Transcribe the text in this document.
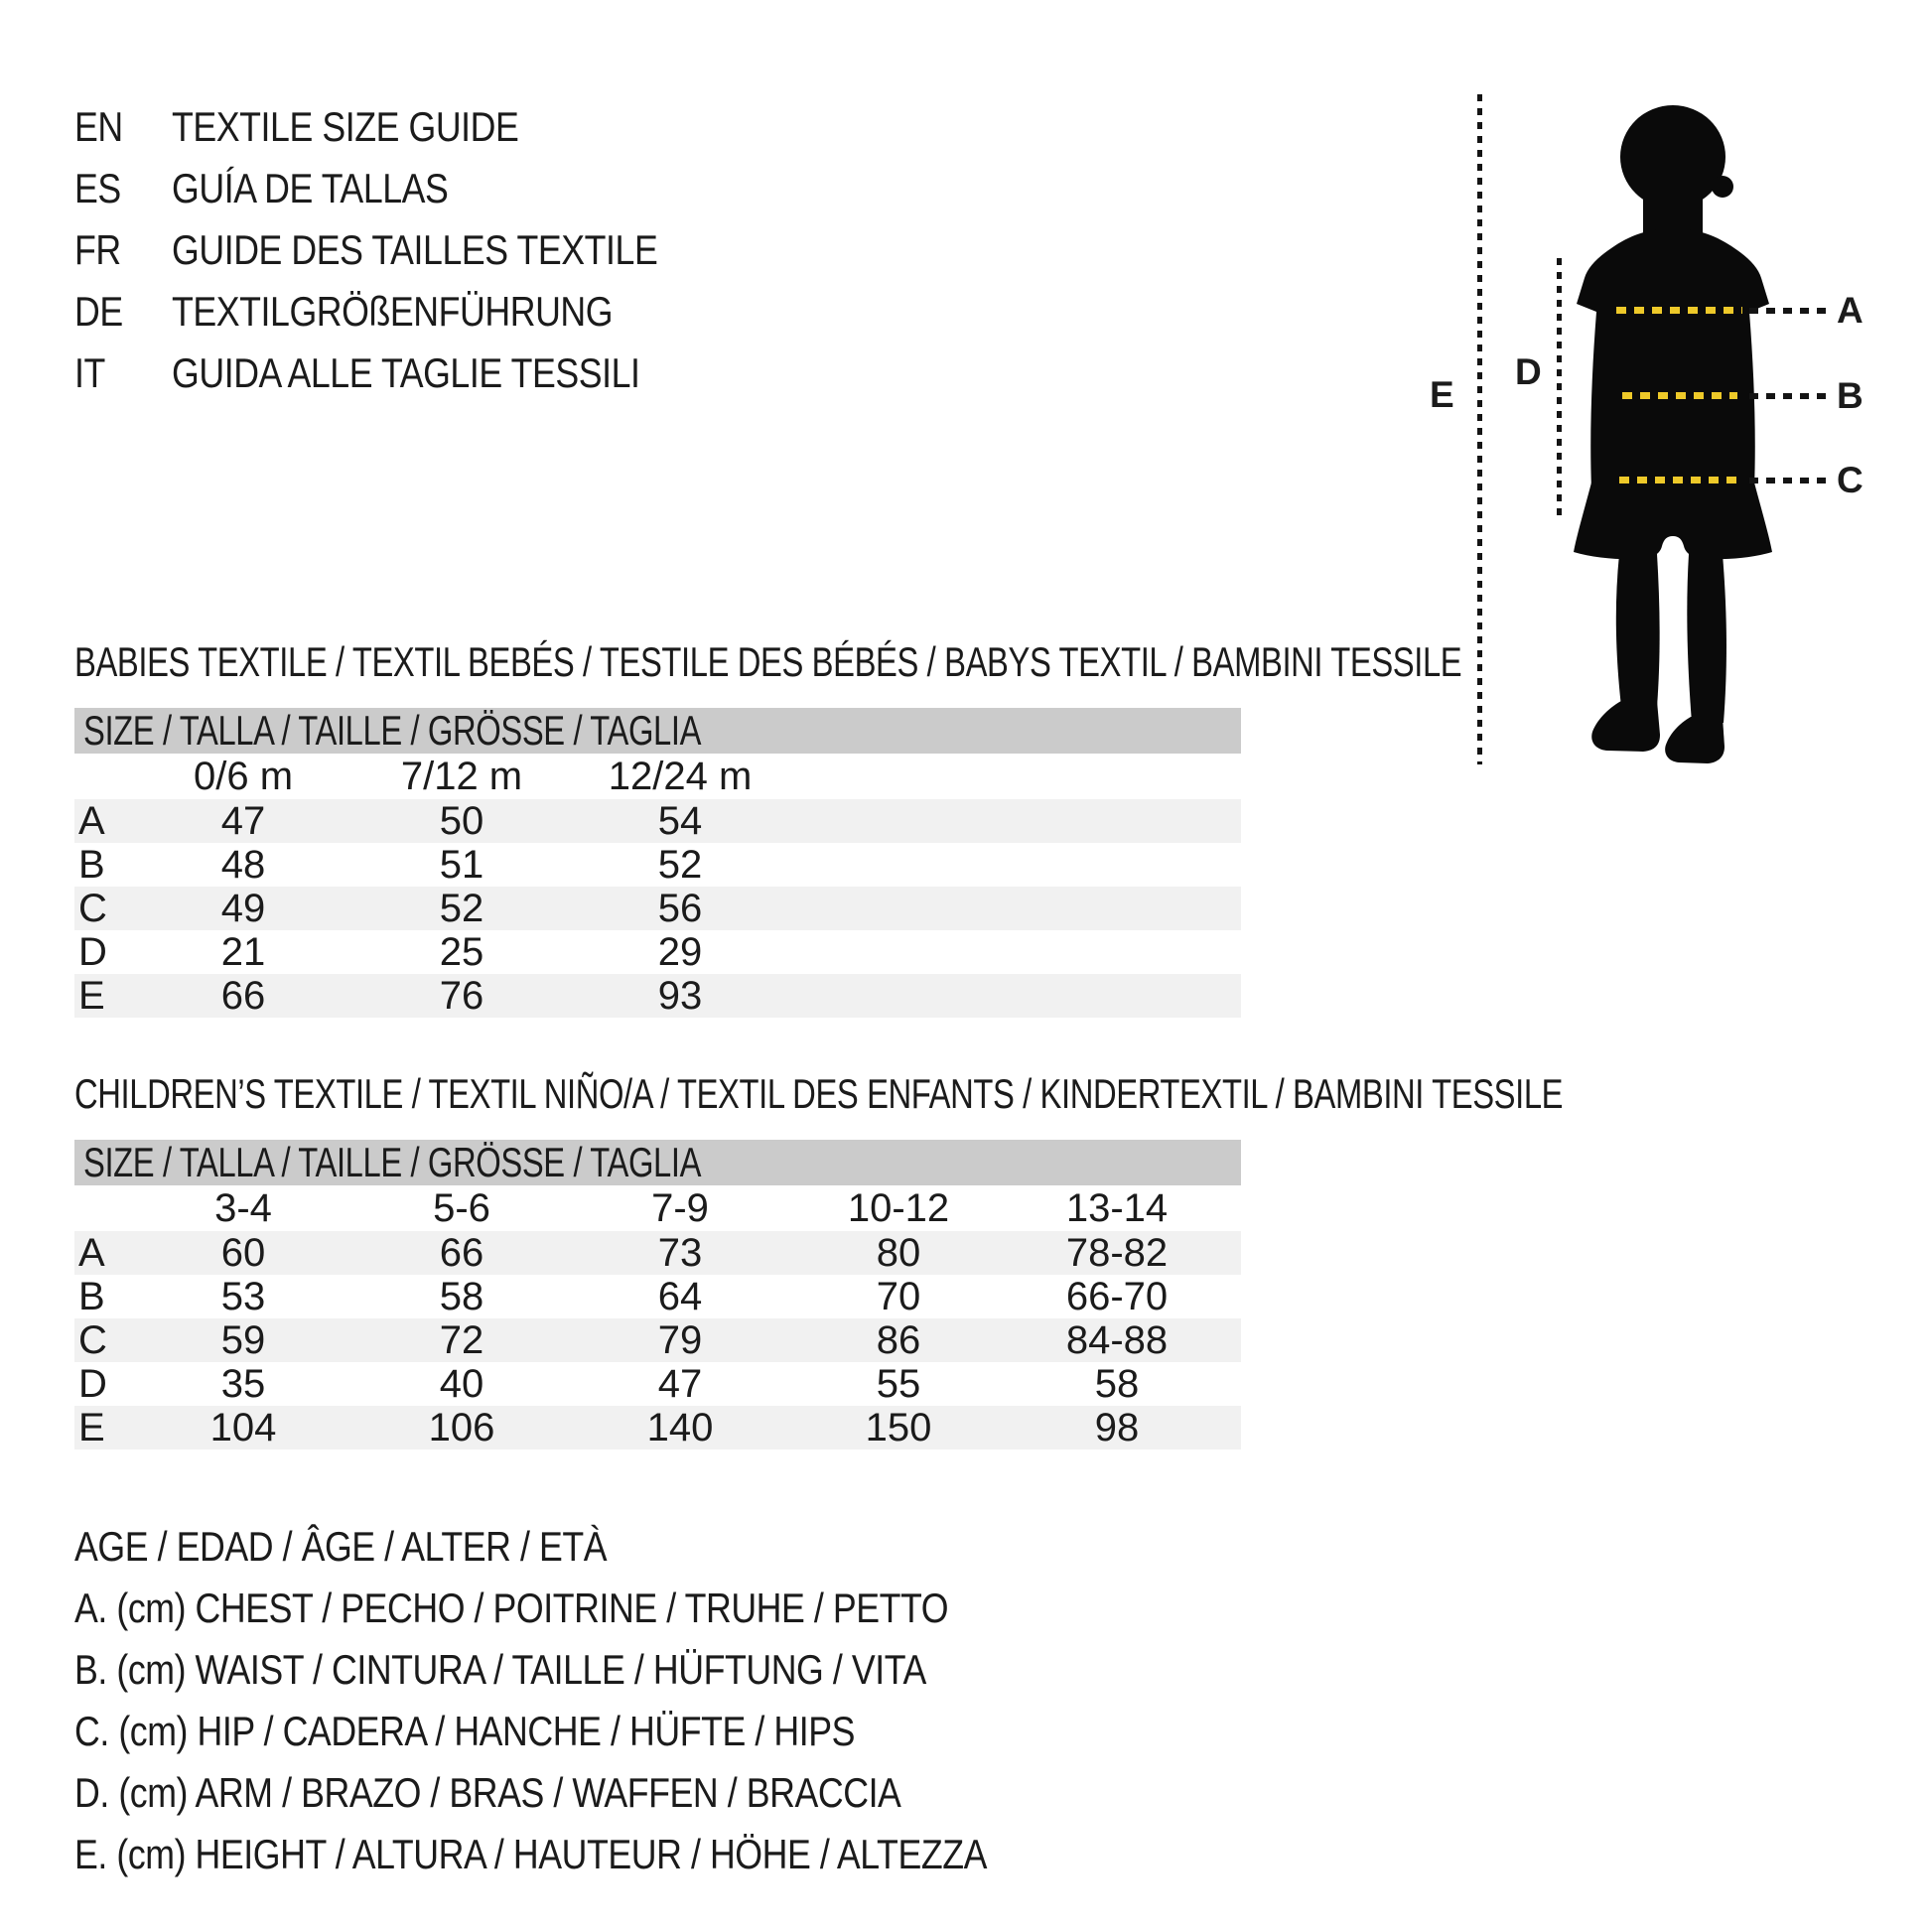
EN	TEXTILE SIZE GUIDE
ES	GUÍA DE TALLAS
FR	GUIDE DES TAILLES TEXTILE
DE	TEXTILGRÖßENFÜHRUNG
IT	GUIDA ALLE TAGLIE TESSILI	E
D
A
B
C
BABIES TEXTILE / TEXTIL BEBÉS / TESTILE DES BÉBÉS / BABYS TEXTIL / BAMBINI TESSILE
SIZE / TALLA / TAILLE / GRÖSSE / TAGLIA
0/6 m	7/12 m	12/24 m
A	47	50	54
B	48	51	52
C	49	52	56
D	21	25	29
E	66	76	93
CHILDREN’S TEXTILE / TEXTIL NIÑO/A / TEXTIL DES ENFANTS / KINDERTEXTIL / BAMBINI TESSILE
SIZE / TALLA / TAILLE / GRÖSSE / TAGLIA
3-4	5-6	7-9	10-12	13-14
A	60	66	73	80	78-82
B	53	58	64	70	66-70
C	59	72	79	86	84-88
D	35	40	47	55	58
E	104	106	140	150	98
AGE / EDAD / ÂGE / ALTER / ETÀ
A. (cm) CHEST / PECHO / POITRINE / TRUHE / PETTO
B. (cm) WAIST / CINTURA / TAILLE / HÜFTUNG / VITA
C. (cm) HIP / CADERA / HANCHE / HÜFTE / HIPS
D. (cm) ARM / BRAZO / BRAS / WAFFEN / BRACCIA
E. (cm) HEIGHT / ALTURA / HAUTEUR / HÖHE / ALTEZZA
